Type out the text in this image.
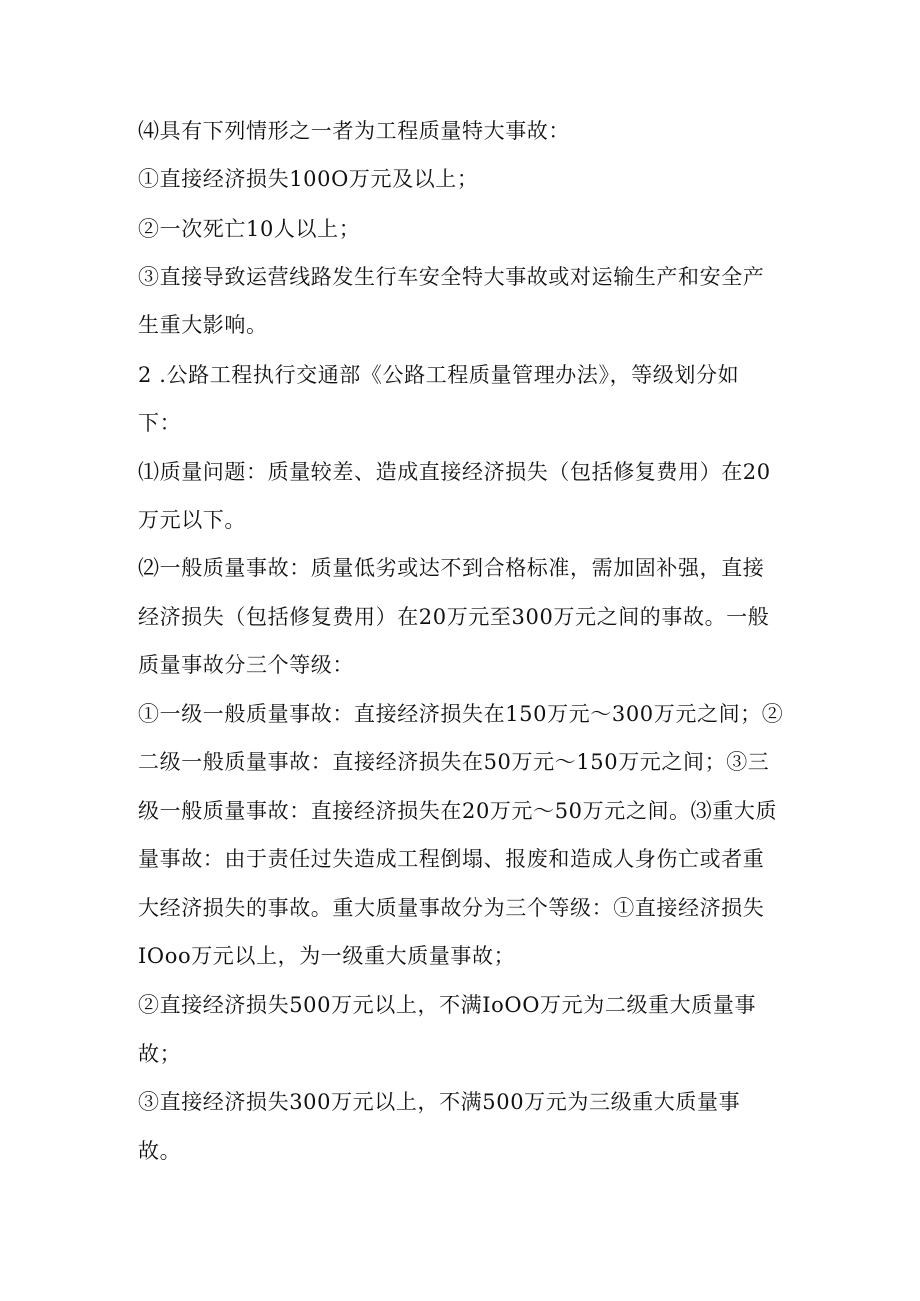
⑷具有下列情形之一者为工程质量特大事故：
①直接经济损失100O万元及以上；
②一次死亡10人以上；
③直接导致运营线路发生行车安全特大事故或对运输生产和安全产
生重大影响。
2 .公路工程执行交通部《公路工程质量管理办法》，等级划分如
下：
⑴质量问题：质量较差、造成直接经济损失（包括修复费用）在20
万元以下。
⑵一般质量事故：质量低劣或达不到合格标准，需加固补强，直接
经济损失（包括修复费用）在20万元至300万元之间的事故。一般
质量事故分三个等级：
①一级一般质量事故：直接经济损失在150万元～300万元之间；②
二级一般质量事故：直接经济损失在50万元～150万元之间；③三
级一般质量事故：直接经济损失在20万元～50万元之间。⑶重大质
量事故：由于责任过失造成工程倒塌、报废和造成人身伤亡或者重
大经济损失的事故。重大质量事故分为三个等级：①直接经济损失
IOoo万元以上，为一级重大质量事故；
②直接经济损失500万元以上，不满IoOO万元为二级重大质量事
故；
③直接经济损失300万元以上，不满500万元为三级重大质量事
故。
